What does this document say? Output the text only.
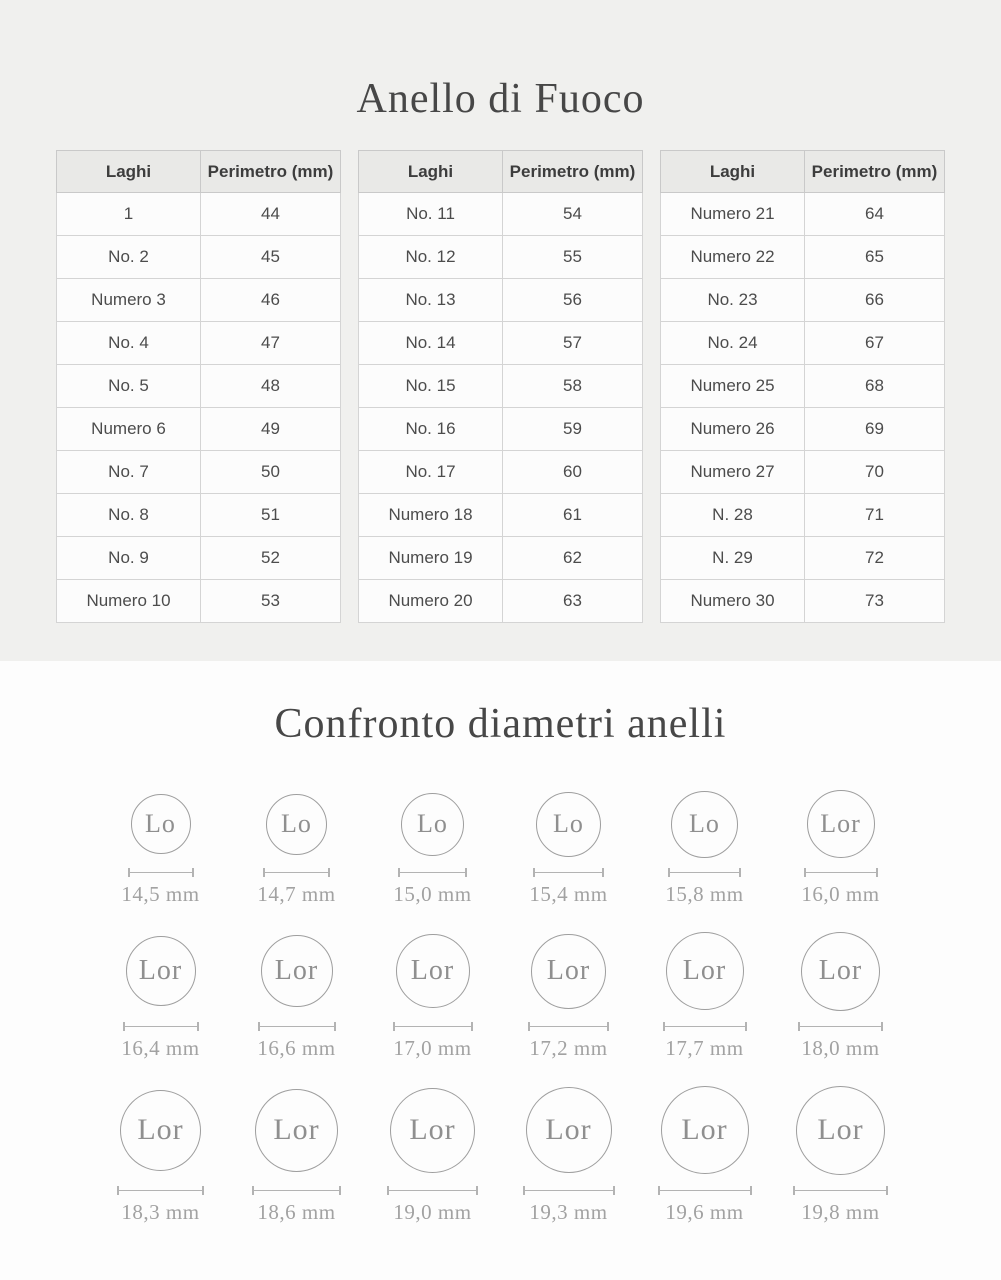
Anello di Fuoco
Laghi	Perimetro (mm)
1	44
No. 2	45
Numero 3	46
No. 4	47
No. 5	48
Numero 6	49
No. 7	50
No. 8	51
No. 9	52
Numero 10	53
Laghi	Perimetro (mm)
No. 11	54
No. 12	55
No. 13	56
No. 14	57
No. 15	58
No. 16	59
No. 17	60
Numero 18	61
Numero 19	62
Numero 20	63
Laghi	Perimetro (mm)
Numero 21	64
Numero 22	65
No. 23	66
No. 24	67
Numero 25	68
Numero 26	69
Numero 27	70
N. 28	71
N. 29	72
Numero 30	73
Confronto diametri anelli
Lo
14,5 mm
Lo
14,7 mm
Lo
15,0 mm
Lo
15,4 mm
Lo
15,8 mm
Lor
16,0 mm
Lor
16,4 mm
Lor
16,6 mm
Lor
17,0 mm
Lor
17,2 mm
Lor
17,7 mm
Lor
18,0 mm
Lor
18,3 mm
Lor
18,6 mm
Lor
19,0 mm
Lor
19,3 mm
Lor
19,6 mm
Lor
19,8 mm
